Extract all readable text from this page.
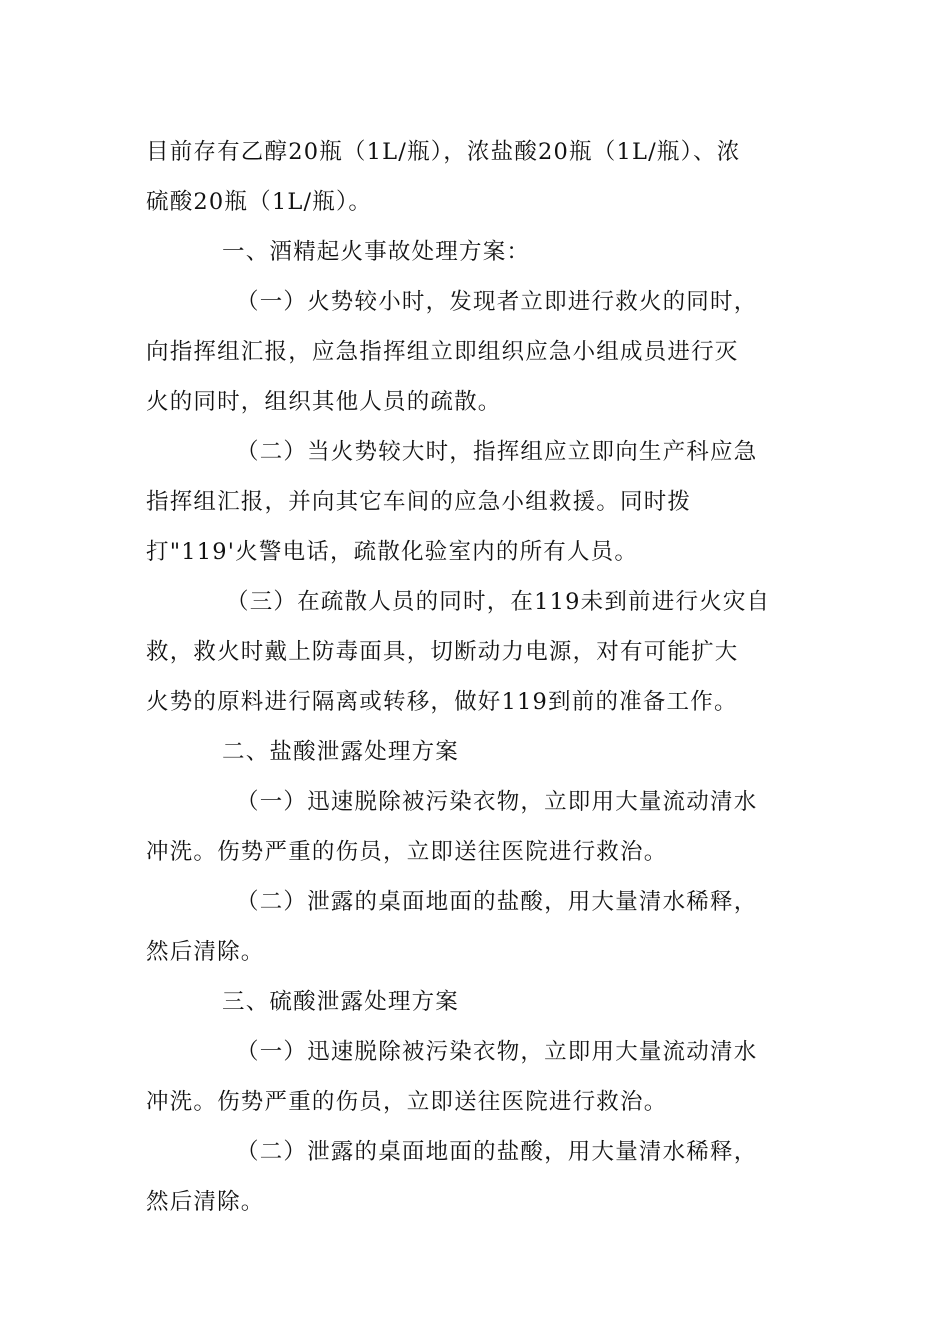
目前存有乙醇20瓶（1L/瓶），浓盐酸20瓶（1L/瓶）、浓
硫酸20瓶（1L/瓶）。

一、酒精起火事故处理方案：

（一）火势较小时，发现者立即进行救火的同时，
向指挥组汇报，应急指挥组立即组织应急小组成员进行灭
火的同时，组织其他人员的疏散。

（二）当火势较大时，指挥组应立即向生产科应急
指挥组汇报，并向其它车间的应急小组救援。同时拨
打"119'火警电话，疏散化验室内的所有人员。

（三）在疏散人员的同时，在119未到前进行火灾自
救，救火时戴上防毒面具，切断动力电源，对有可能扩大
火势的原料进行隔离或转移，做好119到前的准备工作。

二、盐酸泄露处理方案

（一）迅速脱除被污染衣物，立即用大量流动清水
冲洗。伤势严重的伤员，立即送往医院进行救治。

（二）泄露的桌面地面的盐酸，用大量清水稀释，
然后清除。

三、硫酸泄露处理方案

（一）迅速脱除被污染衣物，立即用大量流动清水
冲洗。伤势严重的伤员，立即送往医院进行救治。

（二）泄露的桌面地面的盐酸，用大量清水稀释，
然后清除。
